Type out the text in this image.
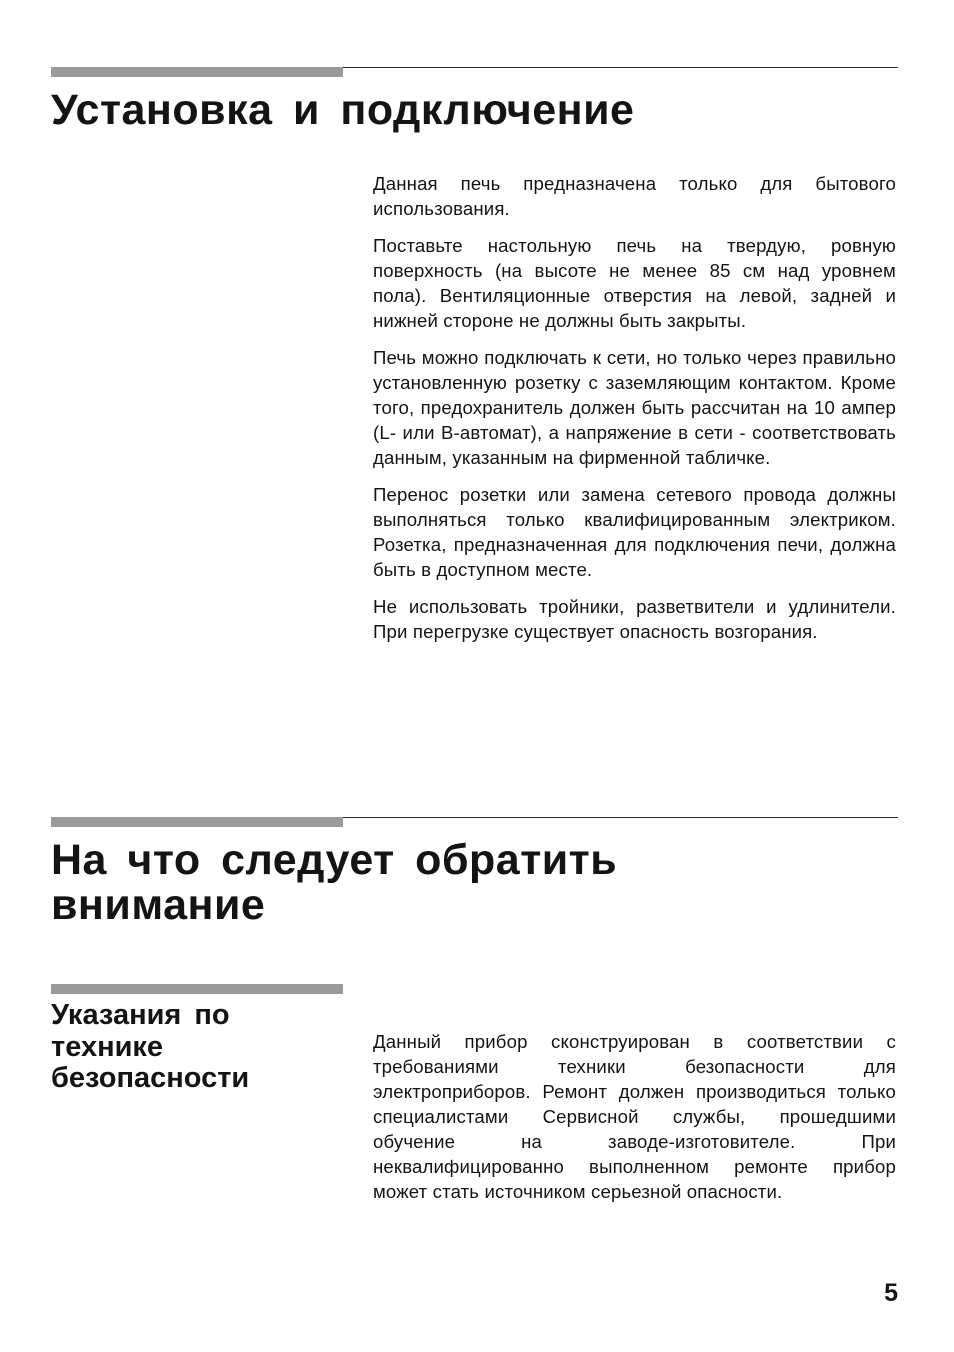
Установка и подключение

Данная печь предназначена только для бытового использования.

Поставьте настольную печь на твердую, ровную поверхность (на высоте не менее 85 см над уровнем пола). Вентиляционные отверстия на левой, задней и нижней стороне не должны быть закрыты.

Печь можно подключать к сети, но только через правильно установленную розетку с заземляющим контактом. Кроме того, предохранитель должен быть рассчитан на 10 ампер (L- или B-автомат), а напряжение в сети - соответствовать данным, указанным на фирменной табличке.

Перенос розетки или замена сетевого провода должны выполняться только квалифицированным электриком. Розетка, предназначенная для подключения печи, должна быть в доступном месте.

Не использовать тройники, разветвители и удлинители. При перегрузке существует опасность возгорания.

На что следует обратить внимание
Указания по технике безопасности

Данный прибор сконструирован в соответствии с требованиями техники безопасности для электроприборов. Ремонт должен производиться только специалистами Сервисной службы, прошедшими обучение на заводе-изготовителе. При неквалифицированно выполненном ремонте прибор может стать источником серьезной опасности.

5
